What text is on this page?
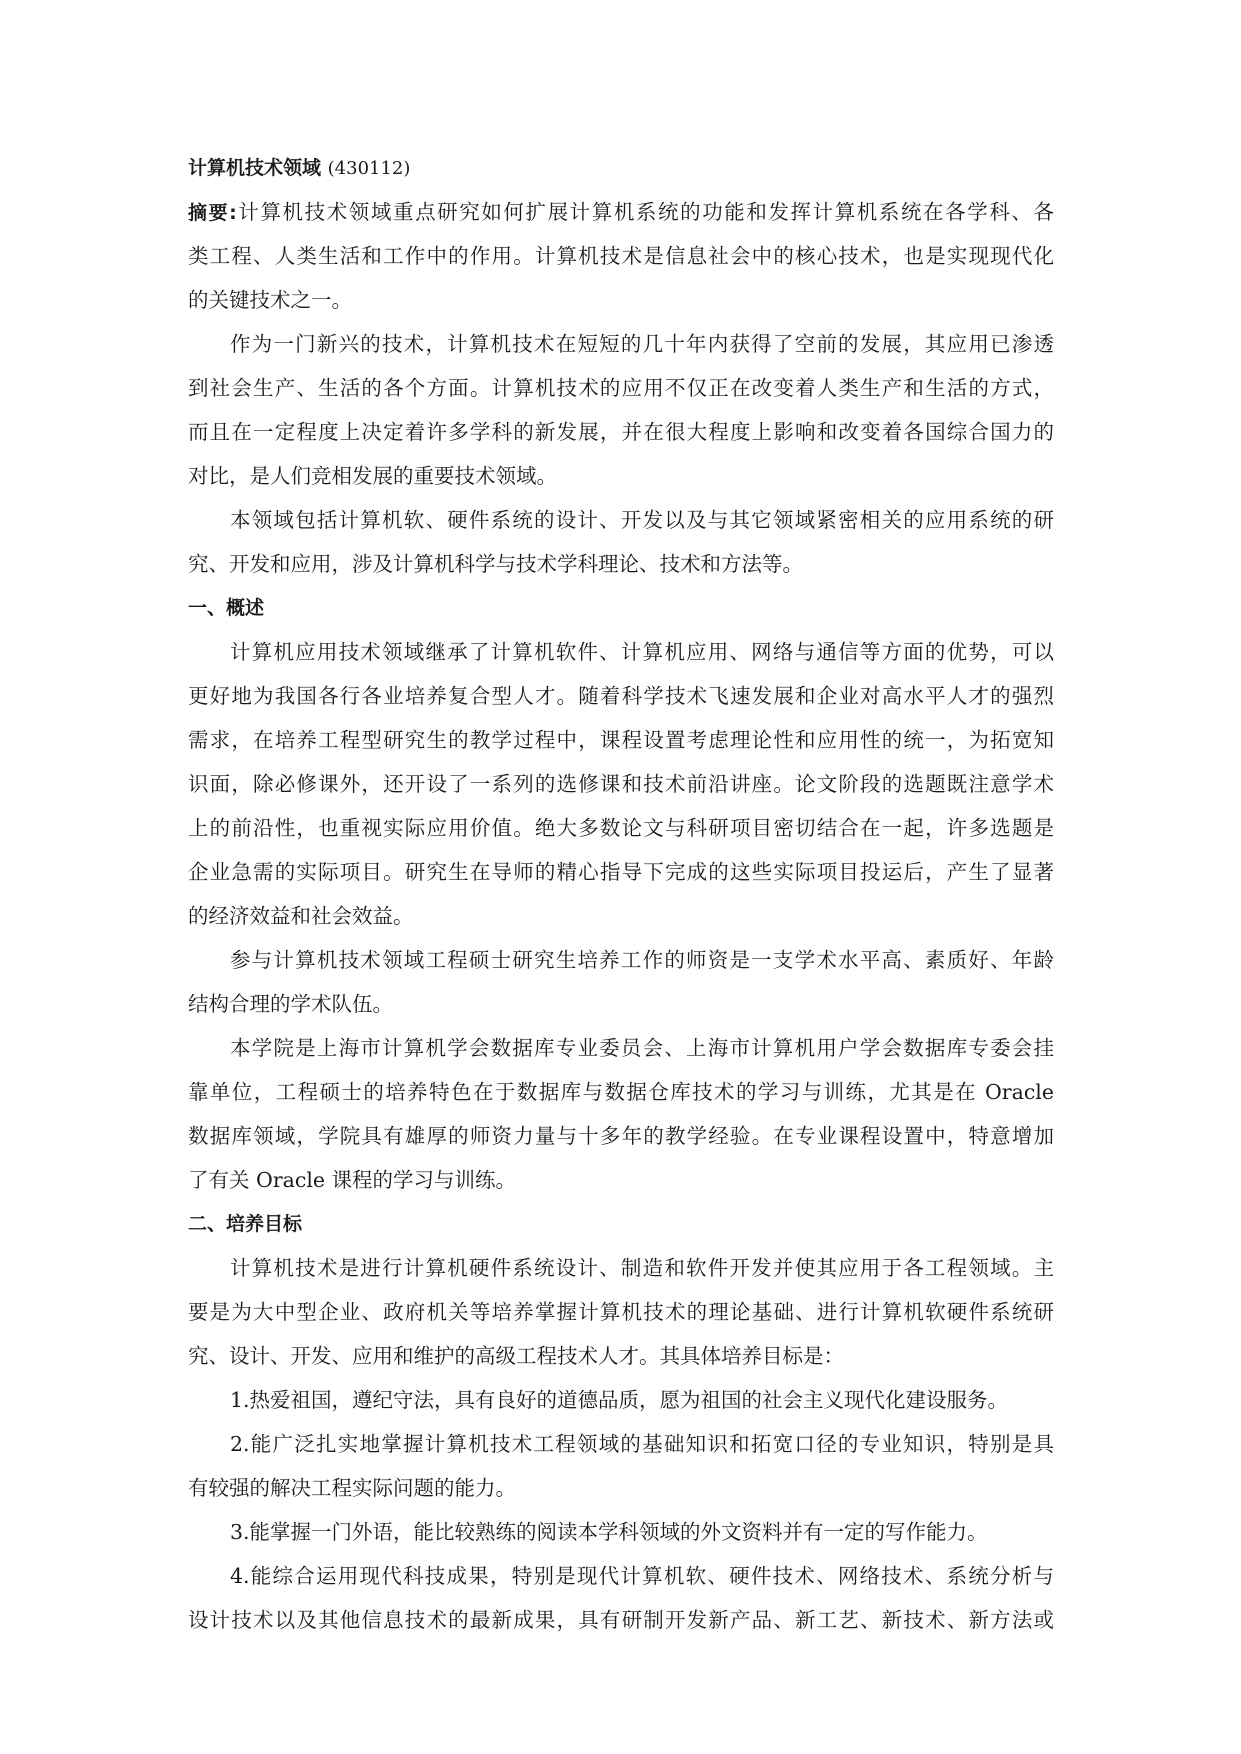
计算机技术领域 (430112)
摘要:计算机技术领域重点研究如何扩展计算机系统的功能和发挥计算机系统在各学科、各
类工程、人类生活和工作中的作用。计算机技术是信息社会中的核心技术，也是实现现代化
的关键技术之一。
作为一门新兴的技术，计算机技术在短短的几十年内获得了空前的发展，其应用已渗透
到社会生产、生活的各个方面。计算机技术的应用不仅正在改变着人类生产和生活的方式，
而且在一定程度上决定着许多学科的新发展，并在很大程度上影响和改变着各国综合国力的
对比，是人们竞相发展的重要技术领域。
本领域包括计算机软、硬件系统的设计、开发以及与其它领域紧密相关的应用系统的研
究、开发和应用，涉及计算机科学与技术学科理论、技术和方法等。
一、概述
计算机应用技术领域继承了计算机软件、计算机应用、网络与通信等方面的优势，可以
更好地为我国各行各业培养复合型人才。随着科学技术飞速发展和企业对高水平人才的强烈
需求，在培养工程型研究生的教学过程中，课程设置考虑理论性和应用性的统一，为拓宽知
识面，除必修课外，还开设了一系列的选修课和技术前沿讲座。论文阶段的选题既注意学术
上的前沿性，也重视实际应用价值。绝大多数论文与科研项目密切结合在一起，许多选题是
企业急需的实际项目。研究生在导师的精心指导下完成的这些实际项目投运后，产生了显著
的经济效益和社会效益。
参与计算机技术领域工程硕士研究生培养工作的师资是一支学术水平高、素质好、年龄
结构合理的学术队伍。
本学院是上海市计算机学会数据库专业委员会、上海市计算机用户学会数据库专委会挂
靠单位，工程硕士的培养特色在于数据库与数据仓库技术的学习与训练，尤其是在 Oracle
数据库领域，学院具有雄厚的师资力量与十多年的教学经验。在专业课程设置中，特意增加
了有关 Oracle 课程的学习与训练。
二、培养目标
计算机技术是进行计算机硬件系统设计、制造和软件开发并使其应用于各工程领域。主
要是为大中型企业、政府机关等培养掌握计算机技术的理论基础、进行计算机软硬件系统研
究、设计、开发、应用和维护的高级工程技术人才。其具体培养目标是：
1.热爱祖国，遵纪守法，具有良好的道德品质，愿为祖国的社会主义现代化建设服务。
2.能广泛扎实地掌握计算机技术工程领域的基础知识和拓宽口径的专业知识，特别是具
有较强的解决工程实际问题的能力。
3.能掌握一门外语，能比较熟练的阅读本学科领域的外文资料并有一定的写作能力。
4.能综合运用现代科技成果，特别是现代计算机软、硬件技术、网络技术、系统分析与
设计技术以及其他信息技术的最新成果，具有研制开发新产品、新工艺、新技术、新方法或
